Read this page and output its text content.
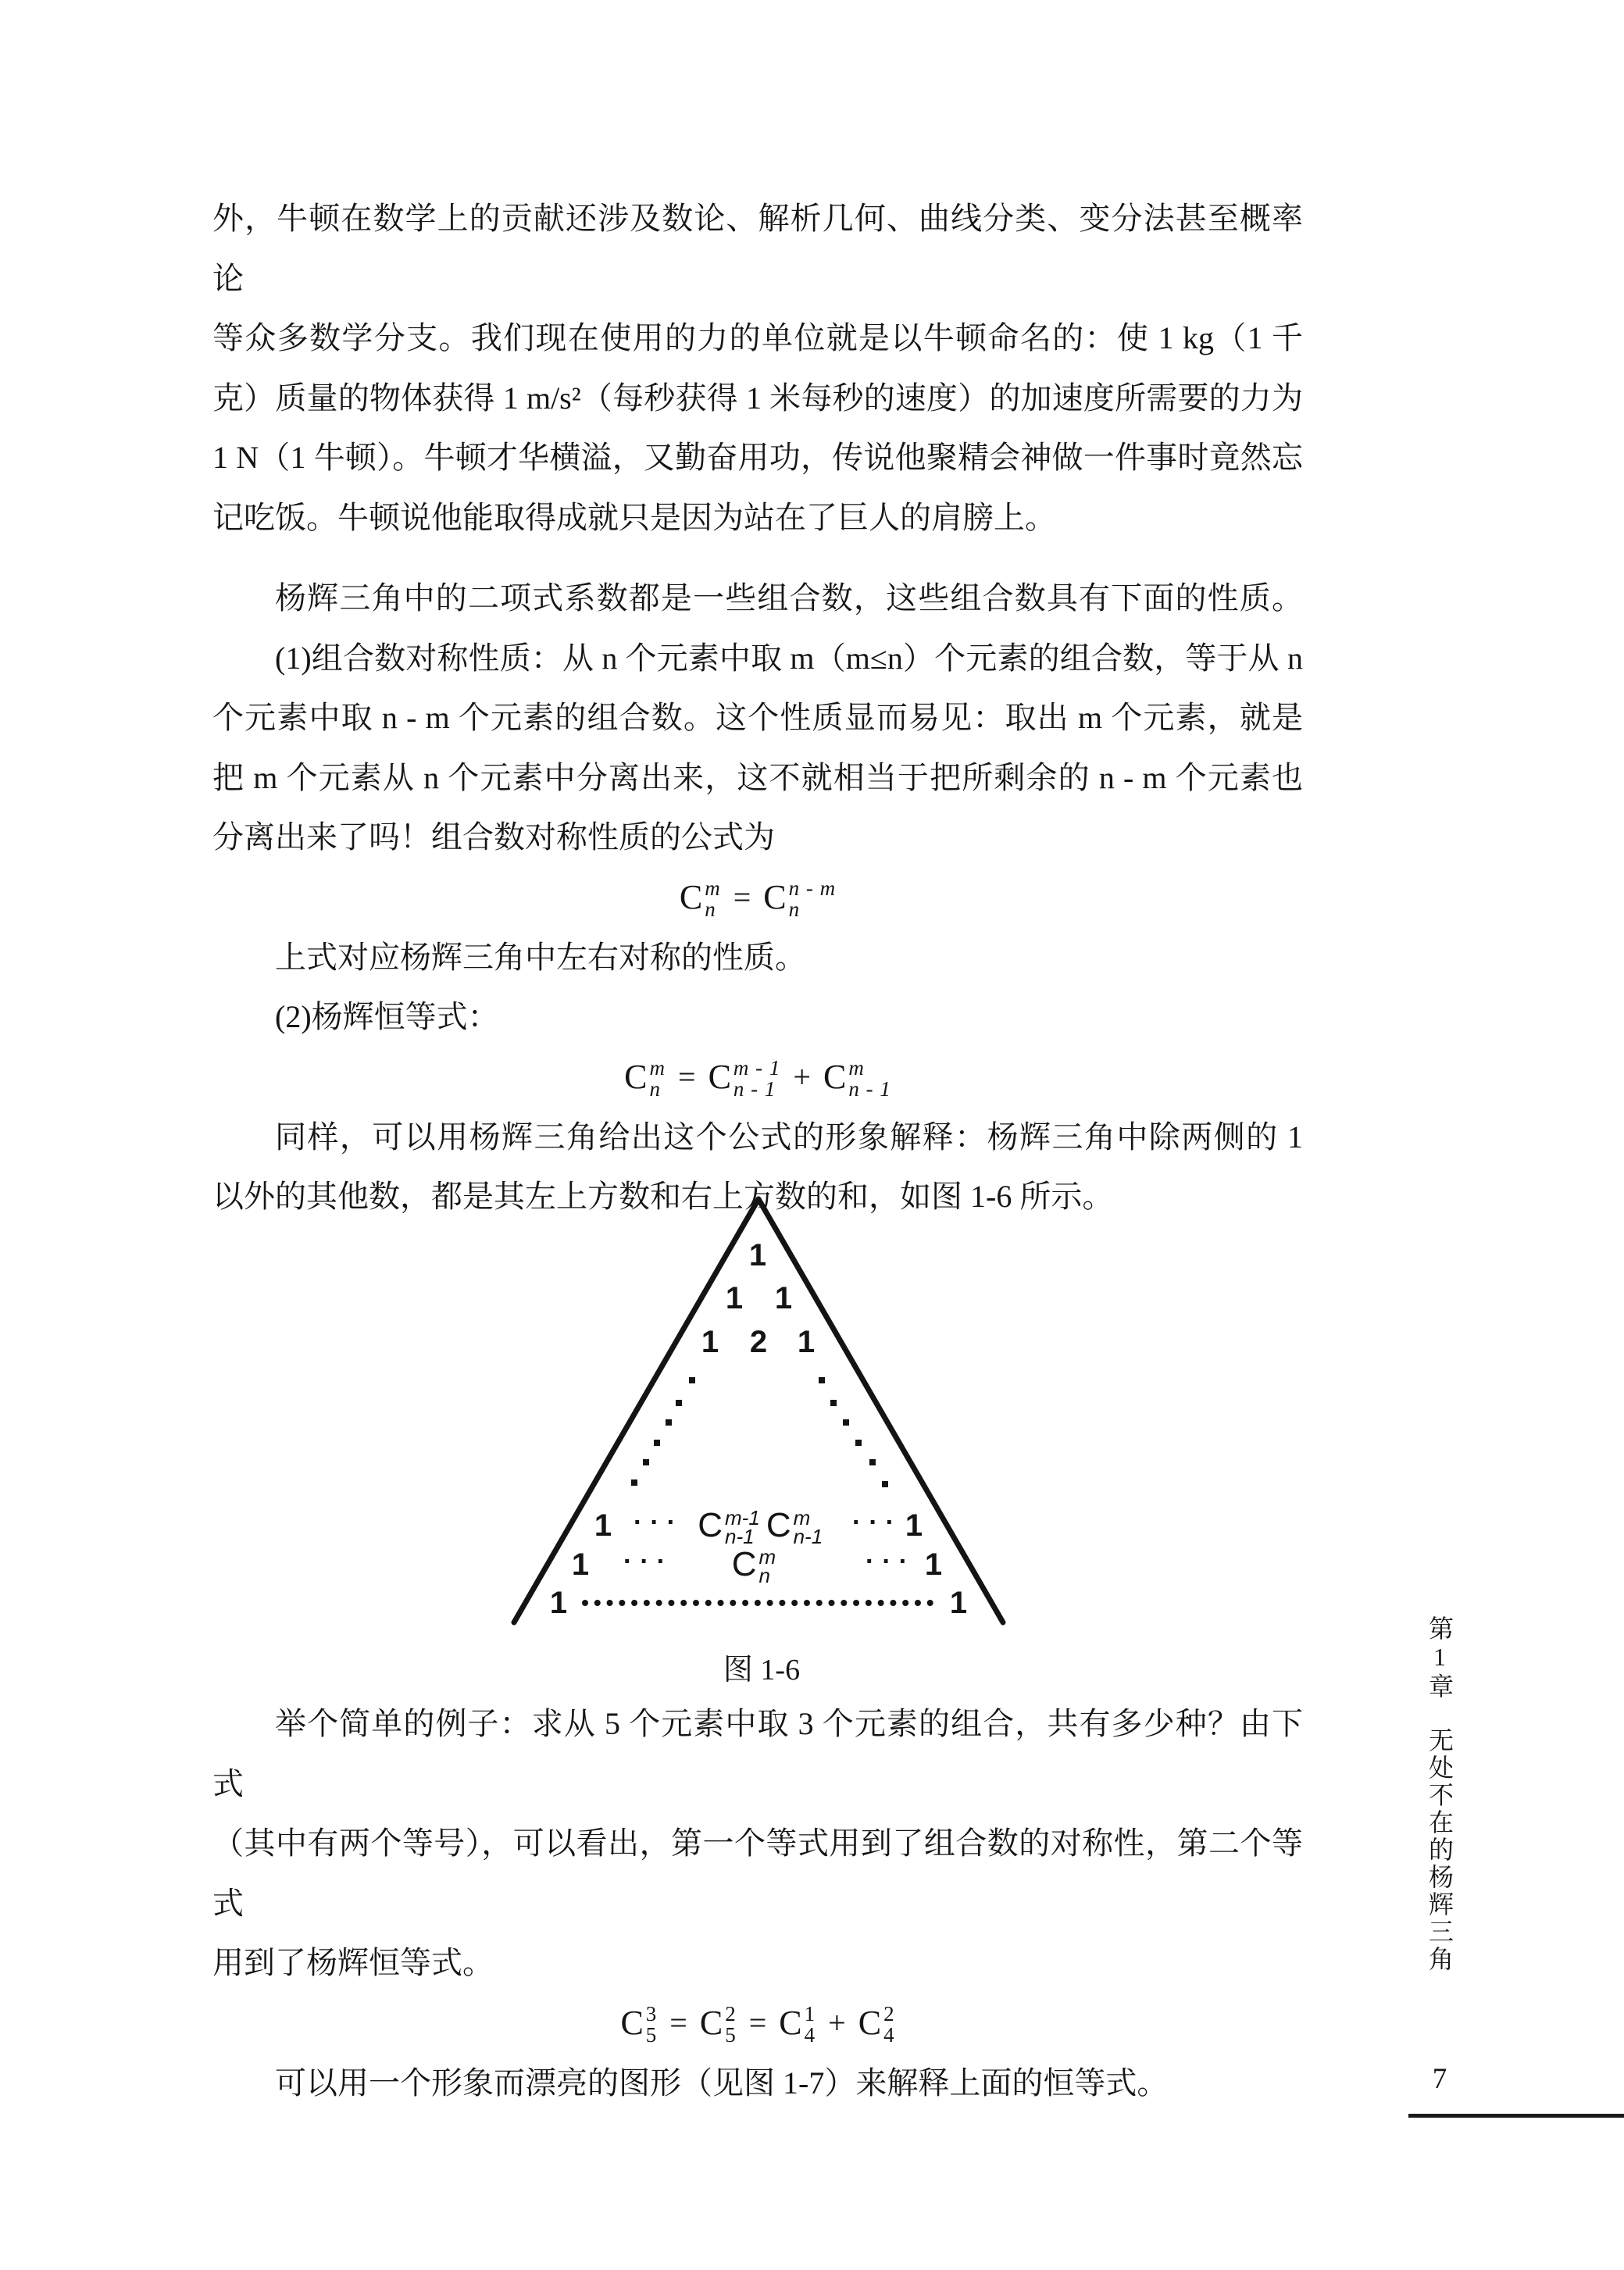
外，牛顿在数学上的贡献还涉及数论、解析几何、曲线分类、变分法甚至概率论
等众多数学分支。我们现在使用的力的单位就是以牛顿命名的：使 1 kg（1 千
克）质量的物体获得 1 m/s²（每秒获得 1 米每秒的速度）的加速度所需要的力为
1 N（1 牛顿）。牛顿才华横溢，又勤奋用功，传说他聚精会神做一件事时竟然忘
记吃饭。牛顿说他能取得成就只是因为站在了巨人的肩膀上。
杨辉三角中的二项式系数都是一些组合数，这些组合数具有下面的性质。
(1)组合数对称性质：从 n 个元素中取 m（m≤n）个元素的组合数，等于从 n
个元素中取 n - m 个元素的组合数。这个性质显而易见：取出 m 个元素，就是
把 m 个元素从 n 个元素中分离出来，这不就相当于把所剩余的 n - m 个元素也
分离出来了吗！组合数对称性质的公式为
C m
n = C n - m
n
上式对应杨辉三角中左右对称的性质。
(2)杨辉恒等式：
C m
n = C m - 1
n - 1 + C m
n - 1
同样，可以用杨辉三角给出这个公式的形象解释：杨辉三角中除两侧的 1
以外的其他数，都是其左上方数和右上方数的和，如图 1-6 所示。
1
1 1
1 2 1
1 ··· C m-1
n-1 C m
n-1 ··· 1
1 ··· C m
n	··· 1
1	1
图 1-6
举个简单的例子：求从 5 个元素中取 3 个元素的组合，共有多少种？由下式
（其中有两个等号），可以看出，第一个等式用到了组合数的对称性，第二个等式
用到了杨辉恒等式。
C 3
5 = C 2
5 = C 1
4 + C 2
4
可以用一个形象而漂亮的图形（见图 1-7）来解释上面的恒等式。
第1章无处不在的杨辉三角
7
